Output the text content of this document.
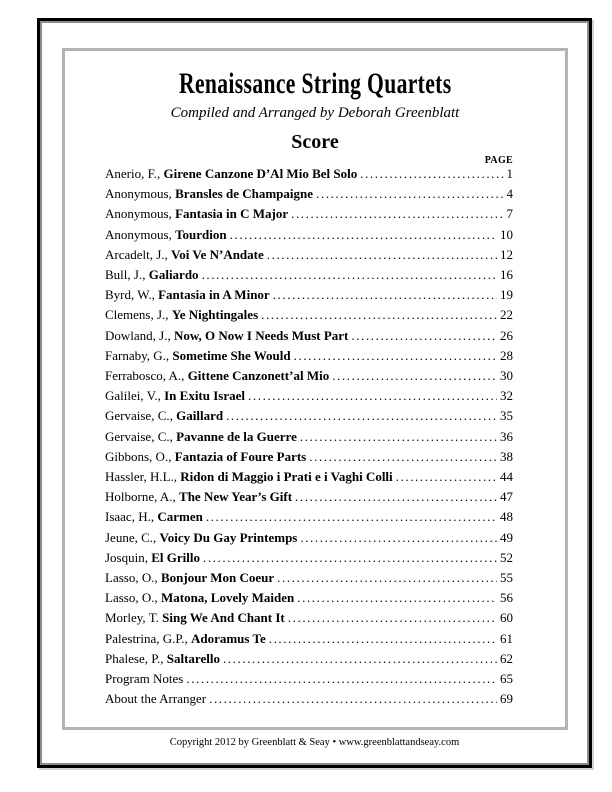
Renaissance String Quartets
Compiled and Arranged by Deborah Greenblatt
Score
PAGE
Anerio, F., Girene Canzone D’Al Mio Bel Solo .....	1
Anonymous, Bransles de Champaigne .....	4
Anonymous, Fantasia in C Major .....	7
Anonymous, Tourdion .....	10
Arcadelt, J., Voi Ve N’Andate .....	12
Bull, J., Galiardo .....	16
Byrd, W., Fantasia in A Minor .....	19
Clemens, J., Ye Nightingales .....	22
Dowland, J., Now, O Now I Needs Must Part .....	26
Farnaby, G., Sometime She Would .....	28
Ferrabosco, A., Gittene Canzonett’al Mio .....	30
Galilei, V., In Exitu Israel .....	32
Gervaise, C., Gaillard .....	35
Gervaise, C., Pavanne de la Guerre .....	36
Gibbons, O., Fantazia of Foure Parts .....	38
Hassler, H.L., Ridon di Maggio i Prati e i Vaghi Colli .....	44
Holborne, A., The New Year’s Gift .....	47
Isaac, H., Carmen .....	48
Jeune, C., Voicy Du Gay Printemps .....	49
Josquin, El Grillo .....	52
Lasso, O., Bonjour Mon Coeur .....	55
Lasso, O., Matona, Lovely Maiden .....	56
Morley, T. Sing We And Chant It .....	60
Palestrina, G.P., Adoramus Te .....	61
Phalese, P., Saltarello .....	62
Program Notes .....	65
About the Arranger .....	69
Copyright 2012 by Greenblatt & Seay • www.greenblattandseay.com
